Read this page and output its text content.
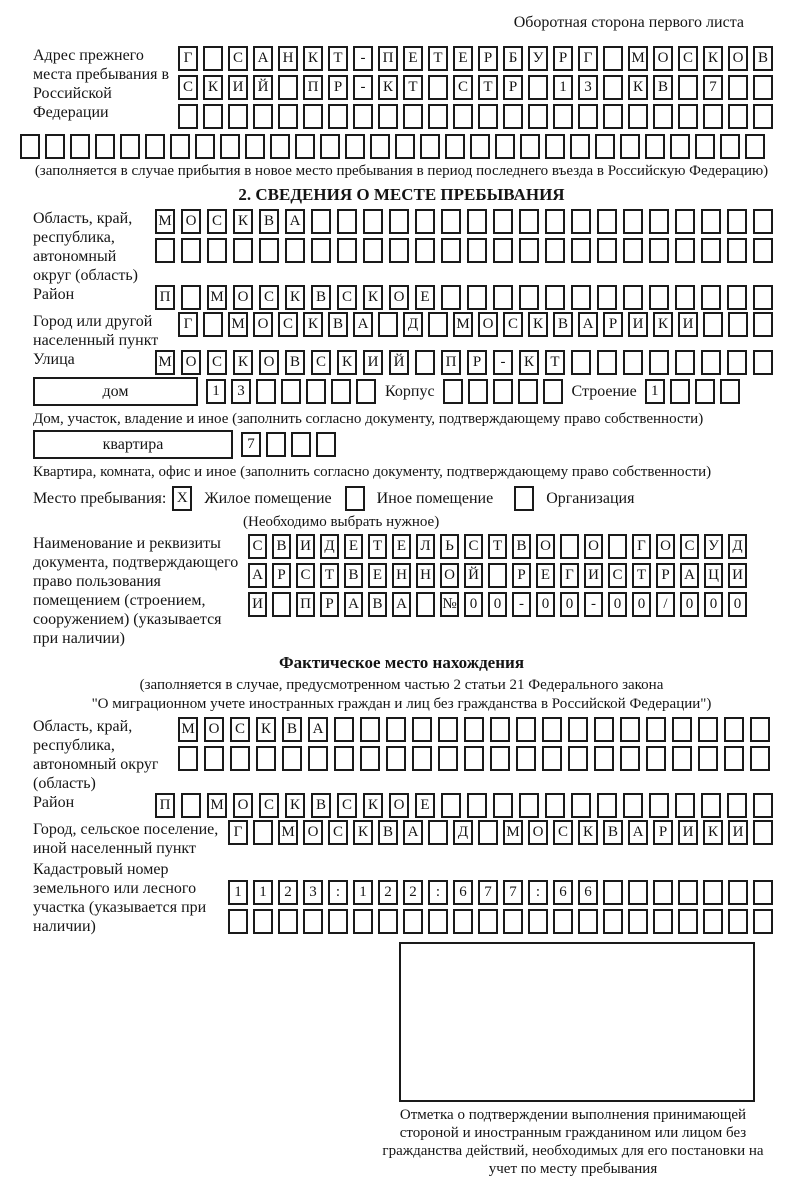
Оборотная сторона первого листа
Адрес прежнего места пребывания в Российской Федерации
Г	С А Н К	Т	-	П Е	Т	Е	Р	Б	У	Р	Г	М О С К О В
С К И Й	П	Р	-	К	Т	С	Т	Р	1	3	К В	7
(заполняется в случае прибытия в новое место пребывания в период последнего въезда в Российскую Федерацию)
2. СВЕДЕНИЯ О МЕСТЕ ПРЕБЫВАНИЯ
Область, край, республика, автономный округ (область)
М О	С	К	В	А
Район	П	М О	С	К	В	С	К	О	Е
Город или другой населенный пункт
Г	М О С К В А	Д	М О С К В А	Р	И К И
Улица	М О	С	К	О	В	С	К	И	Й	П	Р	-	К	Т
дом	1	3	Корпус	Строение 1
Дом, участок, владение и иное (заполнить согласно документу, подтверждающему право собственности)
квартира	7
Квартира, комната, офис и иное (заполнить согласно документу, подтверждающему право собственности)
Место пребывания: X Жилое помещение	Иное помещение	Организация
(Необходимо выбрать нужное)
Наименование и реквизиты документа, подтверждающего право пользования помещением (строением, сооружением) (указывается при наличии)
С В И Д Е Т Е Л Ь С Т В О О	Г О С У Д
А Р С Т В Е Н Н О Й	Р	Е	Г И С Т	Р А Ц И
И П Р А В А № 0	0	-	0	0	-	0	0	/	0	0	0
Фактическое место нахождения
(заполняется в случае, предусмотренном частью 2 статьи 21 Федерального закона
"О миграционном учете иностранных граждан и лиц без гражданства в Российской Федерации")
Область, край, республика, автономный округ (область)
М О	С	К	В	А
Район	П	М О	С	К	В	С	К	О	Е
Город, сельское поселение, иной населенный пункт
Г	М О С К В А	Д	М О С К В А	Р	И К И
Кадастровый номер земельного или лесного участка (указывается при наличии)
1	1	2	3	:	1	2	2	:	6	7	7	:	6	6
Отметка о подтверждении выполнения принимающей стороной и иностранным гражданином или лицом без гражданства действий, необходимых для его постановки на учет по месту пребывания
